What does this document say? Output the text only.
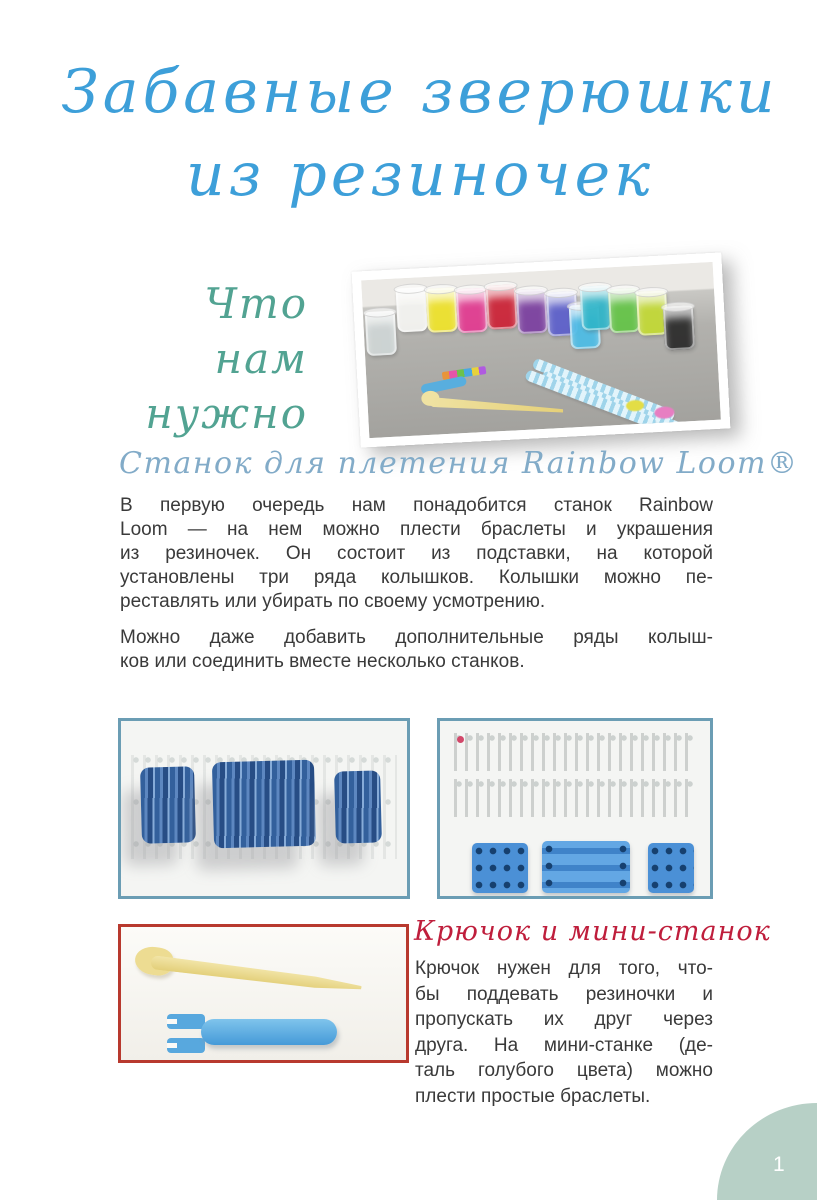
Забавные зверюшки
из резиночек
Что нам
нужно
Станок для плетения Rainbow Loom®
В первую очередь нам понадобится станок Rainbow
Loom — на нем можно плести браслеты и украшения
из резиночек. Он состоит из подставки, на которой
установлены три ряда колышков. Колышки можно пе-
реставлять или убирать по своему усмотрению.
Можно даже добавить дополнительные ряды колыш-
ков или соединить вместе несколько станков.
Крючок и мини-станок
Крючок нужен для того, что-
бы поддевать резиночки и
пропускать их друг через
друга. На мини-станке (де-
таль голубого цвета) можно
плести простые браслеты.
1
